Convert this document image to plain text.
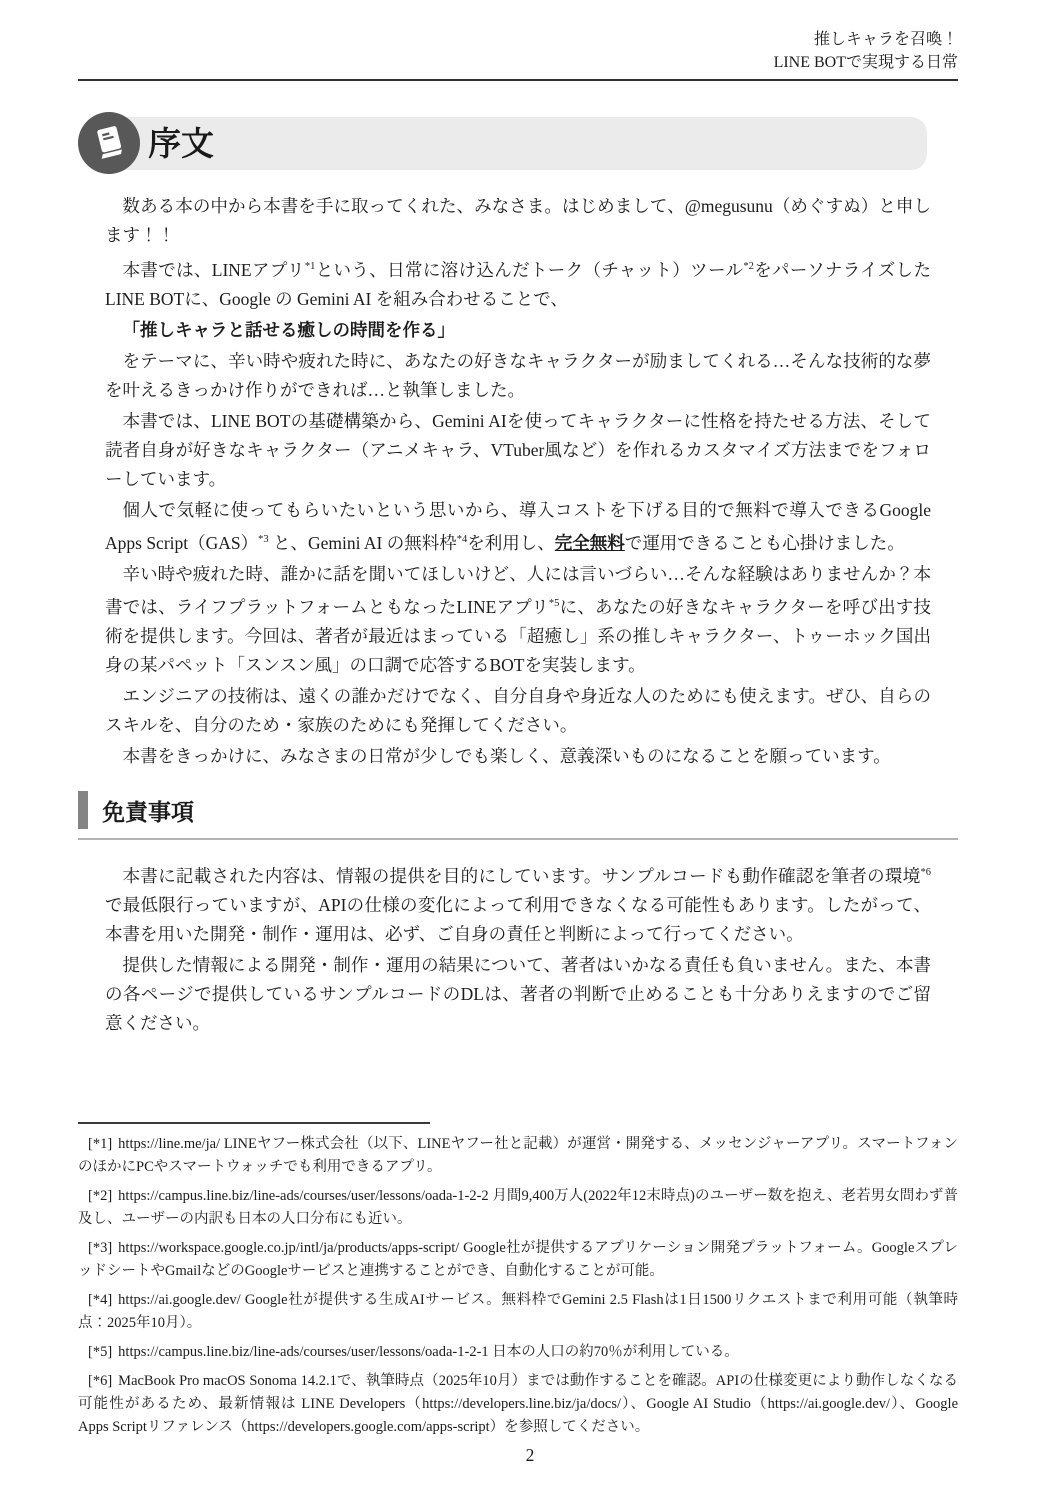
推しキャラを召喚！
LINE BOTで実現する日常
序文

数ある本の中から本書を手に取ってくれた、みなさま。はじめまして、@megusunu（めぐすぬ）と申します！！

本書では、LINEアプリ$^{*1}$という、日常に溶け込んだトーク（チャット）ツール$^{*2}$をパーソナライズしたLINE BOTに、Google の Gemini AI を組み合わせることで、

「推しキャラと話せる癒しの時間を作る」

をテーマに、辛い時や疲れた時に、あなたの好きなキャラクターが励ましてくれる…そんな技術的な夢を叶えるきっかけ作りができれば…と執筆しました。

本書では、LINE BOTの基礎構築から、Gemini AIを使ってキャラクターに性格を持たせる方法、そして読者自身が好きなキャラクター（アニメキャラ、VTuber風など）を作れるカスタマイズ方法までをフォローしています。

個人で気軽に使ってもらいたいという思いから、導入コストを下げる目的で無料で導入できるGoogle Apps Script（GAS）$^{*3}$ と、Gemini AI の無料枠$^{*4}$を利用し、完全無料で運用できることも心掛けました。

辛い時や疲れた時、誰かに話を聞いてほしいけど、人には言いづらい…そんな経験はありませんか？本書では、ライフプラットフォームともなったLINEアプリ$^{*5}$に、あなたの好きなキャラクターを呼び出す技術を提供します。今回は、著者が最近はまっている「超癒し」系の推しキャラクター、トゥーホック国出身の某パペット「スンスン風」の口調で応答するBOTを実装します。

エンジニアの技術は、遠くの誰かだけでなく、自分自身や身近な人のためにも使えます。ぜひ、自らのスキルを、自分のため・家族のためにも発揮してください。

本書をきっかけに、みなさまの日常が少しでも楽しく、意義深いものになることを願っています。

免責事項

本書に記載された内容は、情報の提供を目的にしています。サンプルコードも動作確認を筆者の環境$^{*6}$で最低限行っていますが、APIの仕様の変化によって利用できなくなる可能性もあります。したがって、本書を用いた開発・制作・運用は、必ず、ご自身の責任と判断によって行ってください。

提供した情報による開発・制作・運用の結果について、著者はいかなる責任も負いません。また、本書の各ページで提供しているサンプルコードのDLは、著者の判断で止めることも十分ありえますのでご留意ください。

[*1] https://line.me/ja/ LINEヤフー株式会社（以下、LINEヤフー社と記載）が運営・開発する、メッセンジャーアプリ。スマートフォンのほかにPCやスマートウォッチでも利用できるアプリ。
[*2] https://campus.line.biz/line-ads/courses/user/lessons/oada-1-2-2 月間9,400万人(2022年12末時点)のユーザー数を抱え、老若男女問わず普及し、ユーザーの内訳も日本の人口分布にも近い。
[*3] https://workspace.google.co.jp/intl/ja/products/apps-script/ Google社が提供するアプリケーション開発プラットフォーム。GoogleスプレッドシートやGmailなどのGoogleサービスと連携することができ、自動化することが可能。
[*4] https://ai.google.dev/ Google社が提供する生成AIサービス。無料枠でGemini 2.5 Flashは1日1500リクエストまで利用可能（執筆時点：2025年10月）。
[*5] https://campus.line.biz/line-ads/courses/user/lessons/oada-1-2-1 日本の人口の約70％が利用している。
[*6] MacBook Pro macOS Sonoma 14.2.1で、執筆時点（2025年10月）までは動作することを確認。APIの仕様変更により動作しなくなる可能性があるため、最新情報は LINE Developers（https://developers.line.biz/ja/docs/）、Google AI Studio（https://ai.google.dev/）、Google Apps Scriptリファレンス（https://developers.google.com/apps-script）を参照してください。
2
